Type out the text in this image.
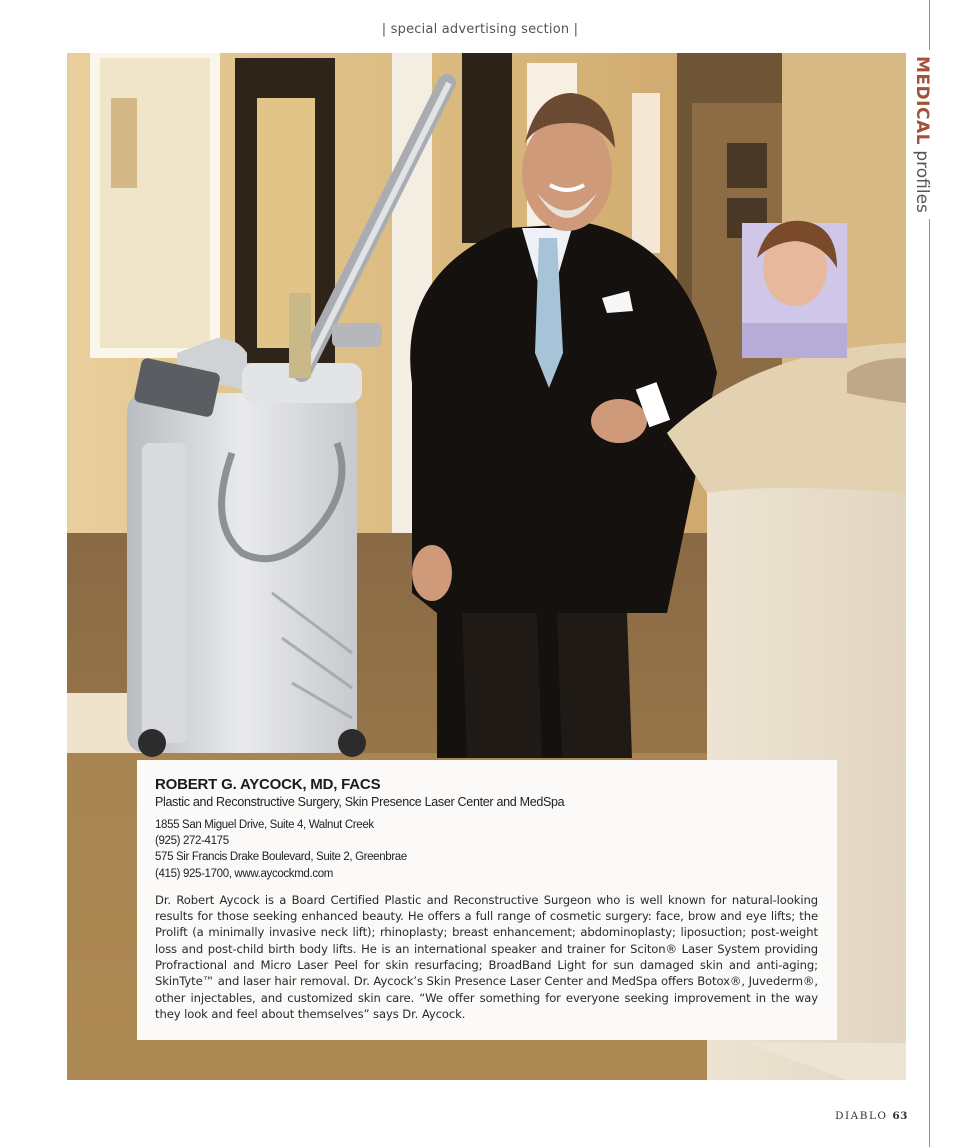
| special advertising section |
MEDICAL profiles
ROBERT G. AYCOCK, MD, FACS
Plastic and Reconstructive Surgery, Skin Presence Laser Center and MedSpa
1855 San Miguel Drive, Suite 4, Walnut Creek
(925) 272-4175
575 Sir Francis Drake Boulevard, Suite 2, Greenbrae
(415) 925-1700, www.aycockmd.com

Dr. Robert Aycock is a Board Certified Plastic and Reconstructive Surgeon who is well known for natural-looking results for those seeking enhanced beauty. He offers a full range of cosmetic surgery: face, brow and eye lifts; the Prolift (a minimally invasive neck lift); rhinoplasty; breast enhancement; abdominoplasty; liposuction; post-weight loss and post-child birth body lifts. He is an international speaker and trainer for Sciton® Laser System providing Profractional and Micro Laser Peel for skin resurfacing; BroadBand Light for sun damaged skin and anti-aging; SkinTyte™ and laser hair removal. Dr. Aycock’s Skin Presence Laser Center and MedSpa offers Botox®, Juvederm®, other injectables, and customized skin care. “We offer something for everyone seeking improvement in the way they look and feel about themselves” says Dr. Aycock.

DIABLO 63
